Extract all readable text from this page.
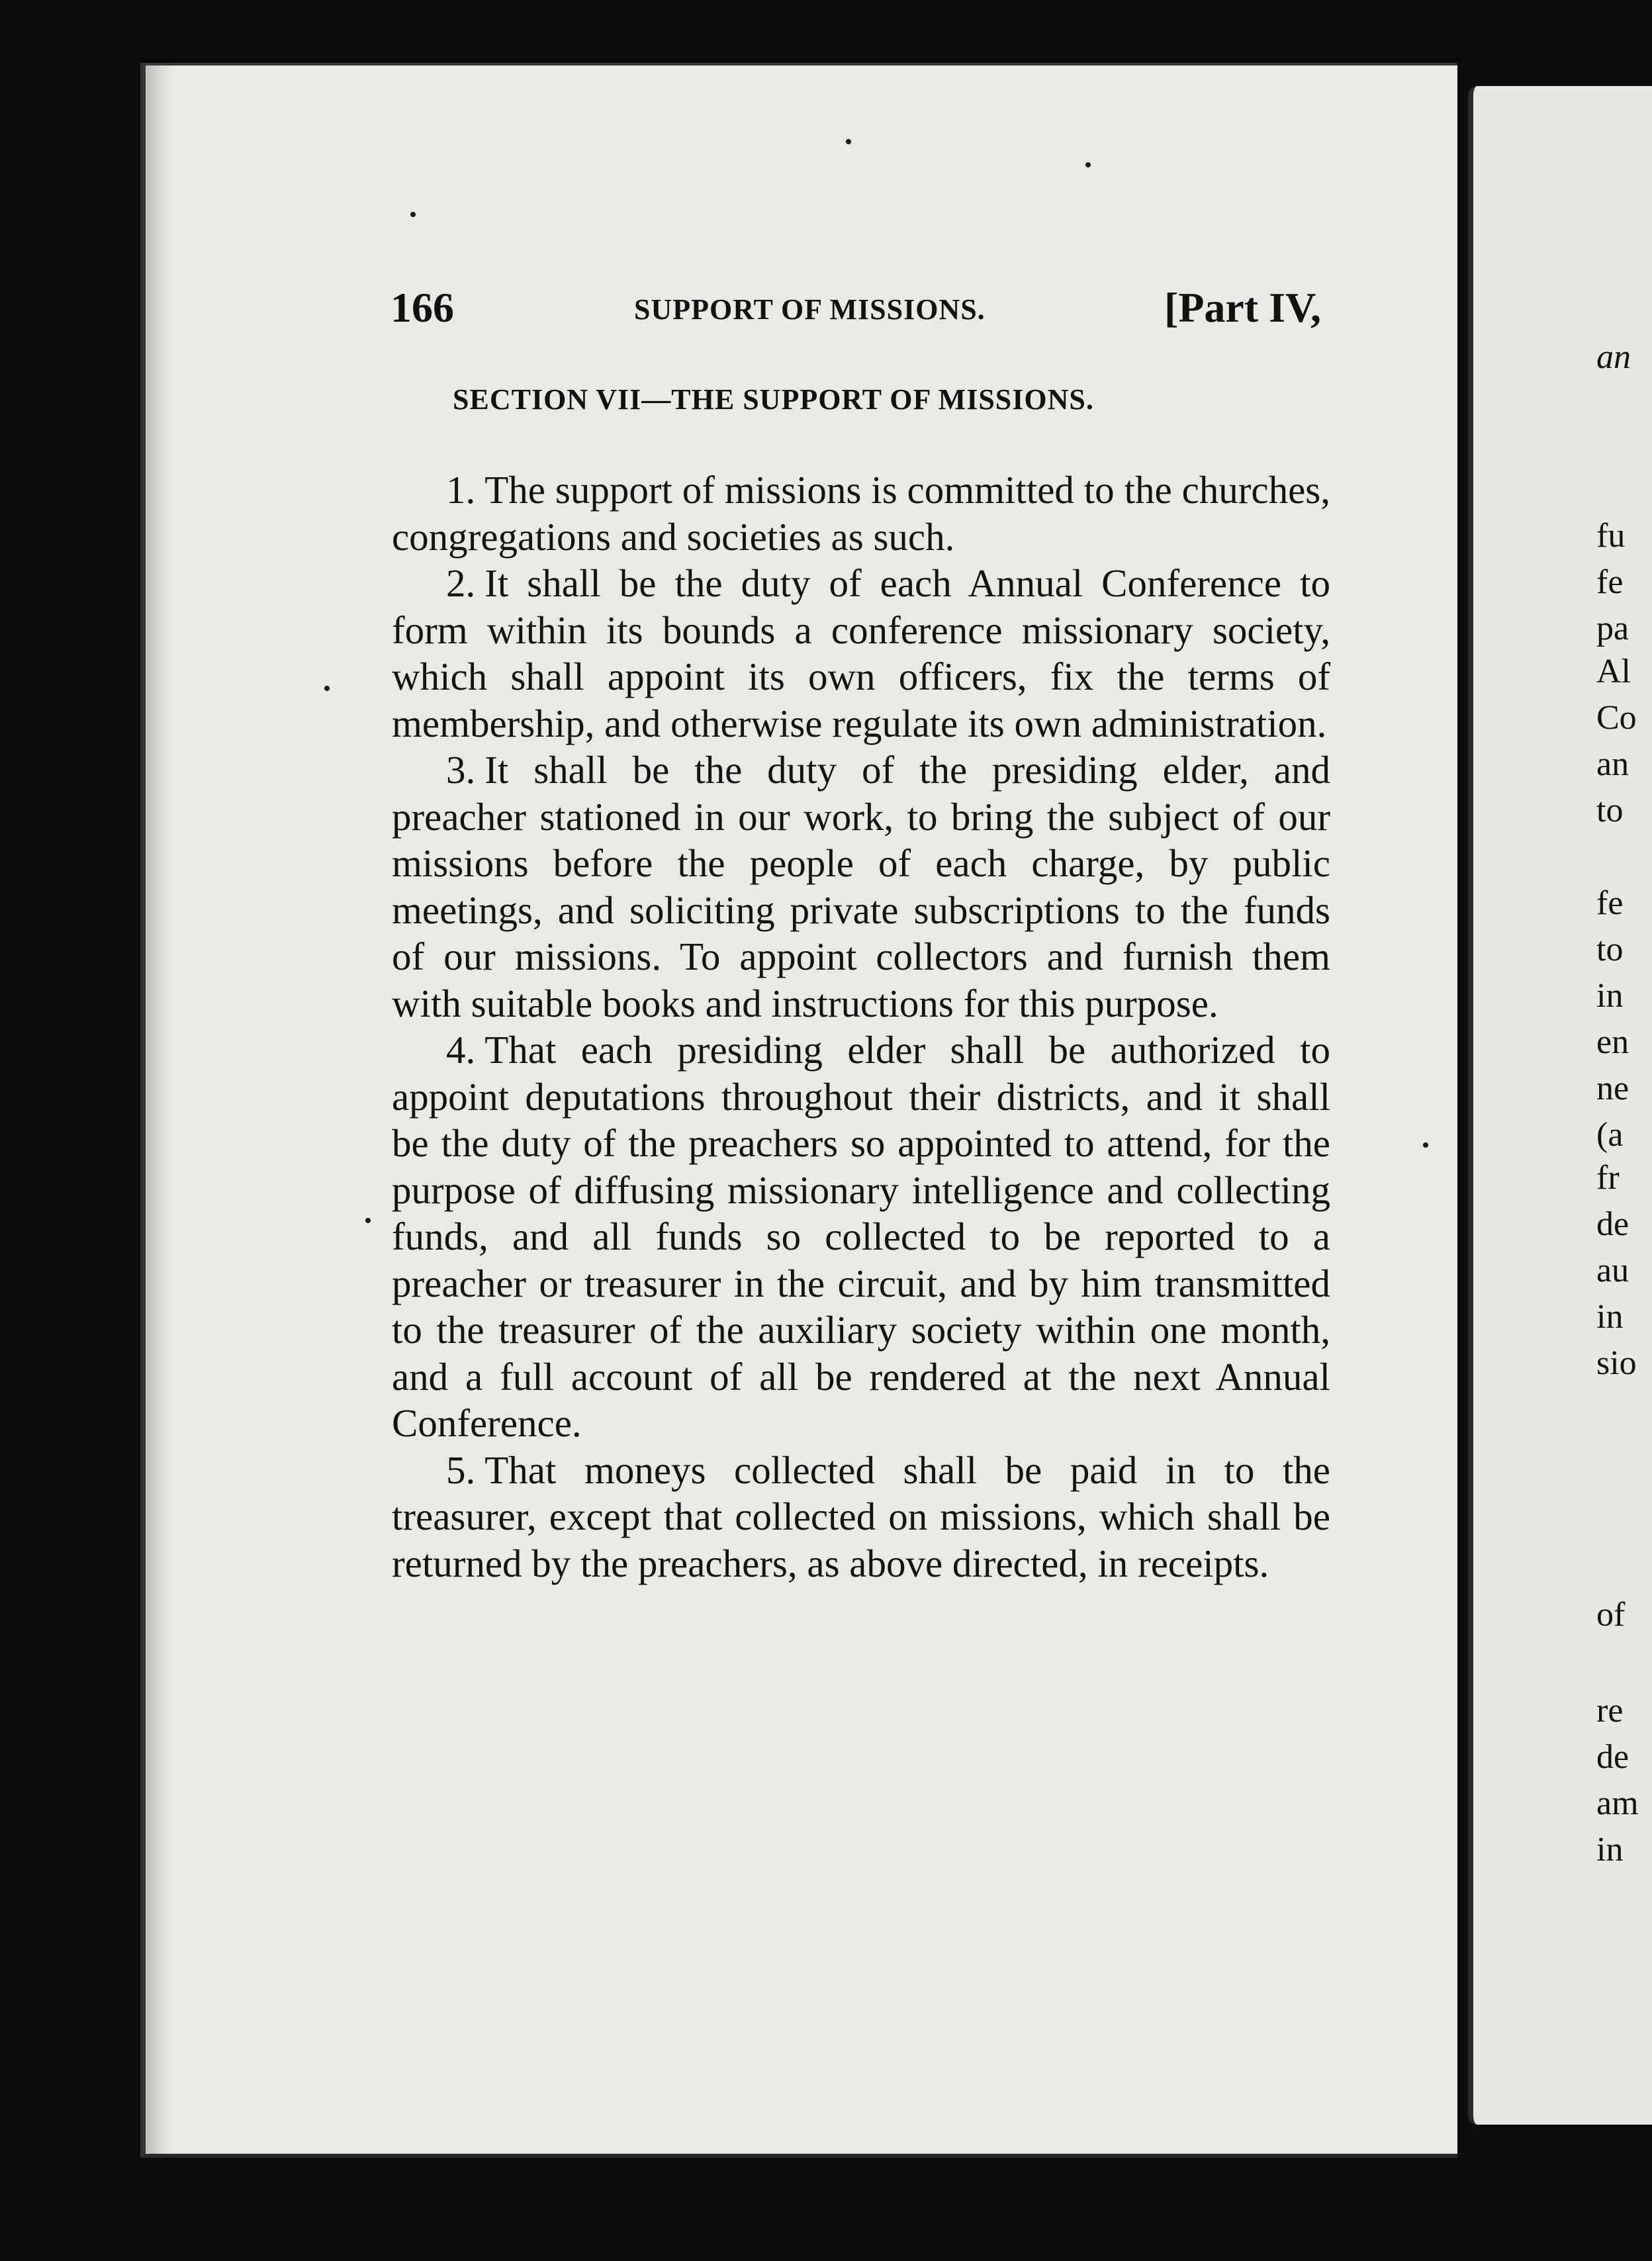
166	SUPPORT OF MISSIONS.	[Part IV,
SECTION VII—THE SUPPORT OF MISSIONS.

1. The support of missions is committed to the churches, congregations and societies as such.

2. It shall be the duty of each Annual Conference to form within its bounds a conference missionary society, which shall appoint its own officers, fix the terms of membership, and otherwise regulate its own administration.

3. It shall be the duty of the presiding elder, and preacher stationed in our work, to bring the subject of our missions before the people of each charge, by public meetings, and soliciting private subscriptions to the funds of our missions. To appoint collectors and furnish them with suitable books and instructions for this purpose.

4. That each presiding elder shall be authorized to appoint deputations throughout their districts, and it shall be the duty of the preachers so appointed to attend, for the purpose of diffusing missionary intelligence and collecting funds, and all funds so collected to be reported to a preacher or treasurer in the circuit, and by him transmitted to the treasurer of the auxiliary society within one month, and a full account of all be rendered at the next Annual Conference.

5. That moneys collected shall be paid in to the treasurer, except that collected on missions, which shall be returned by the preachers, as above directed, in receipts.

an
fu
fe
pa
Al
Co
an
to
fe
to
in
en
ne
(a
fr
de
au
in
sio
of
re
de
am
in
